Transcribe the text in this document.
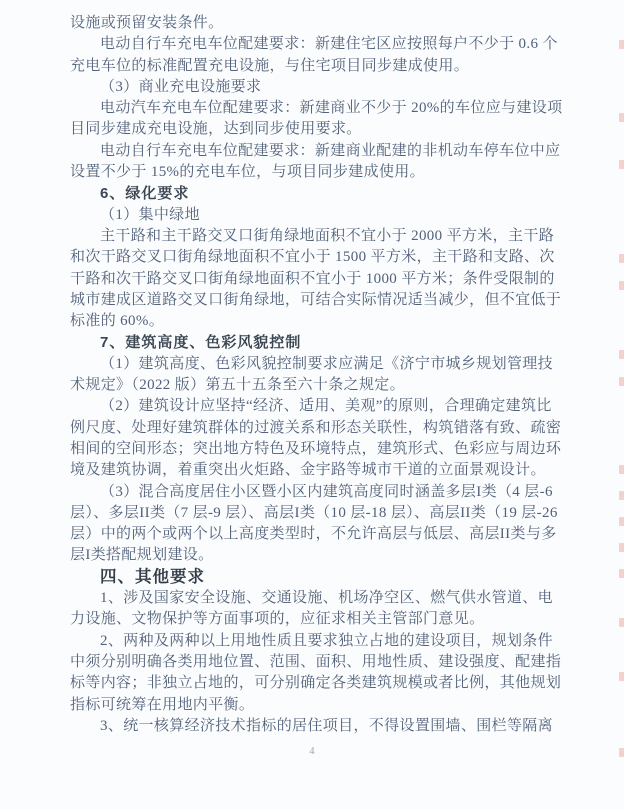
设施或预留安装条件。

电动自行车充电车位配建要求：新建住宅区应按照每户不少于 0.6 个

充电车位的标准配置充电设施，与住宅项目同步建成使用。

（3）商业充电设施要求

电动汽车充电车位配建要求：新建商业不少于 20%的车位应与建设项

目同步建成充电设施，达到同步使用要求。

电动自行车充电车位配建要求：新建商业配建的非机动车停车位中应

设置不少于 15%的充电车位，与项目同步建成使用。

6、绿化要求

（1）集中绿地

主干路和主干路交叉口街角绿地面积不宜小于 2000 平方米，主干路

和次干路交叉口街角绿地面积不宜小于 1500 平方米，主干路和支路、次

干路和次干路交叉口街角绿地面积不宜小于 1000 平方米；条件受限制的

城市建成区道路交叉口街角绿地，可结合实际情况适当减少，但不宜低于

标准的 60%。

7、建筑高度、色彩风貌控制

（1）建筑高度、色彩风貌控制要求应满足《济宁市城乡规划管理技

术规定》（2022 版）第五十五条至六十条之规定。

（2）建筑设计应坚持“经济、适用、美观”的原则，合理确定建筑比

例尺度、处理好建筑群体的过渡关系和形态关联性，构筑错落有致、疏密

相间的空间形态；突出地方特色及环境特点，建筑形式、色彩应与周边环

境及建筑协调，着重突出火炬路、金宇路等城市干道的立面景观设计。

（3）混合高度居住小区暨小区内建筑高度同时涵盖多层I类（4 层-6

层）、多层II类（7 层-9 层）、高层I类（10 层-18 层）、高层II类（19 层-26

层）中的两个或两个以上高度类型时，不允许高层与低层、高层II类与多

层I类搭配规划建设。

四、其他要求

1、涉及国家安全设施、交通设施、机场净空区、燃气供水管道、电

力设施、文物保护等方面事项的，应征求相关主管部门意见。

2、两种及两种以上用地性质且要求独立占地的建设项目，规划条件

中须分别明确各类用地位置、范围、面积、用地性质、建设强度、配建指

标等内容；非独立占地的，可分别确定各类建筑规模或者比例，其他规划

指标可统筹在用地内平衡。

3、统一核算经济技术指标的居住项目，不得设置围墙、围栏等隔离

4
